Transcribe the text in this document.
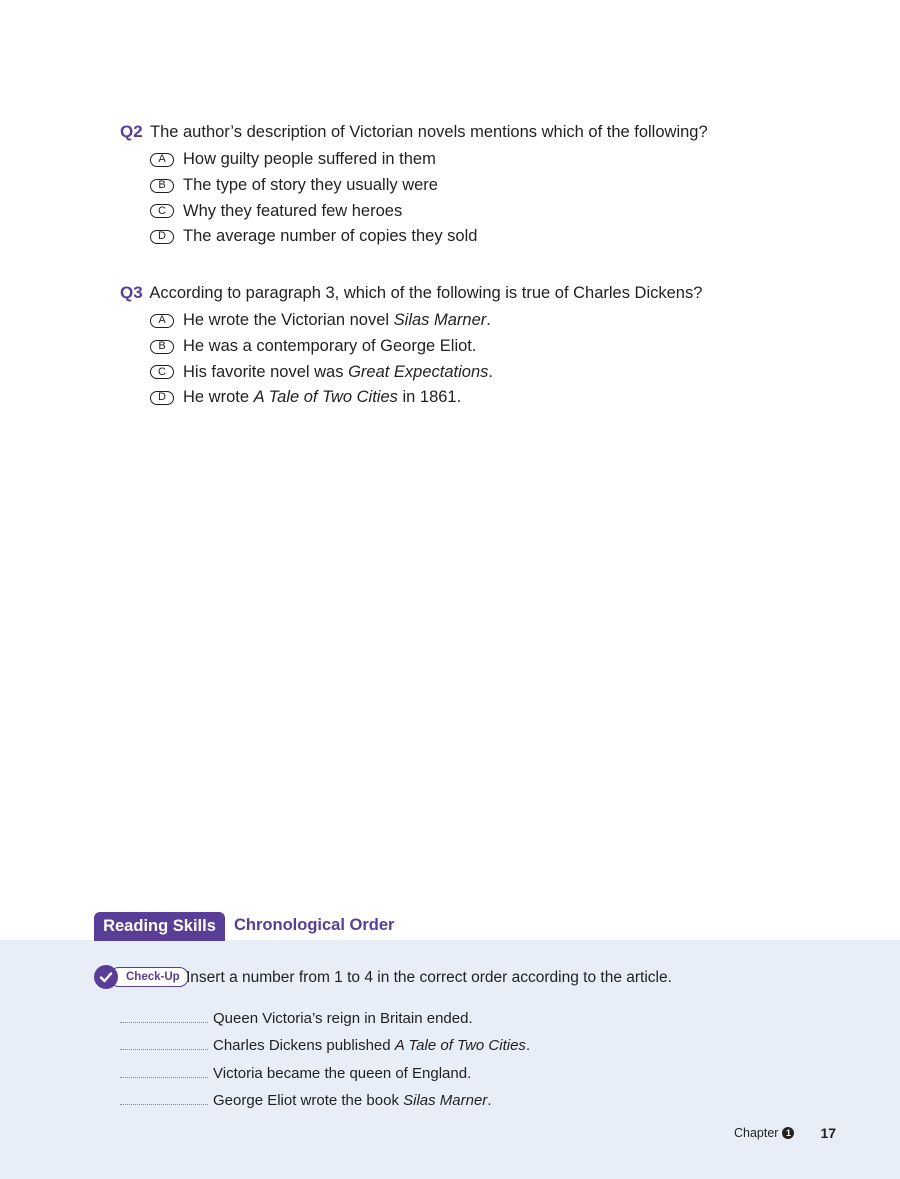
Q2 The author’s description of Victorian novels mentions which of the following?
A	How guilty people suffered in them
B	The type of story they usually were
C	Why they featured few heroes
D	The average number of copies they sold
Q3 According to paragraph 3, which of the following is true of Charles Dickens?
A	He wrote the Victorian novel Silas Marner.
B	He was a contemporary of George Eliot.
C	His favorite novel was Great Expectations.
D	He wrote A Tale of Two Cities in 1861.
Reading Skills	Chronological Order
Check-Up Insert a number from 1 to 4 in the correct order according to the article.
Queen Victoria’s reign in Britain ended.
Charles Dickens published A Tale of Two Cities.
Victoria became the queen of England.
George Eliot wrote the book Silas Marner.
Chapter 1 17
